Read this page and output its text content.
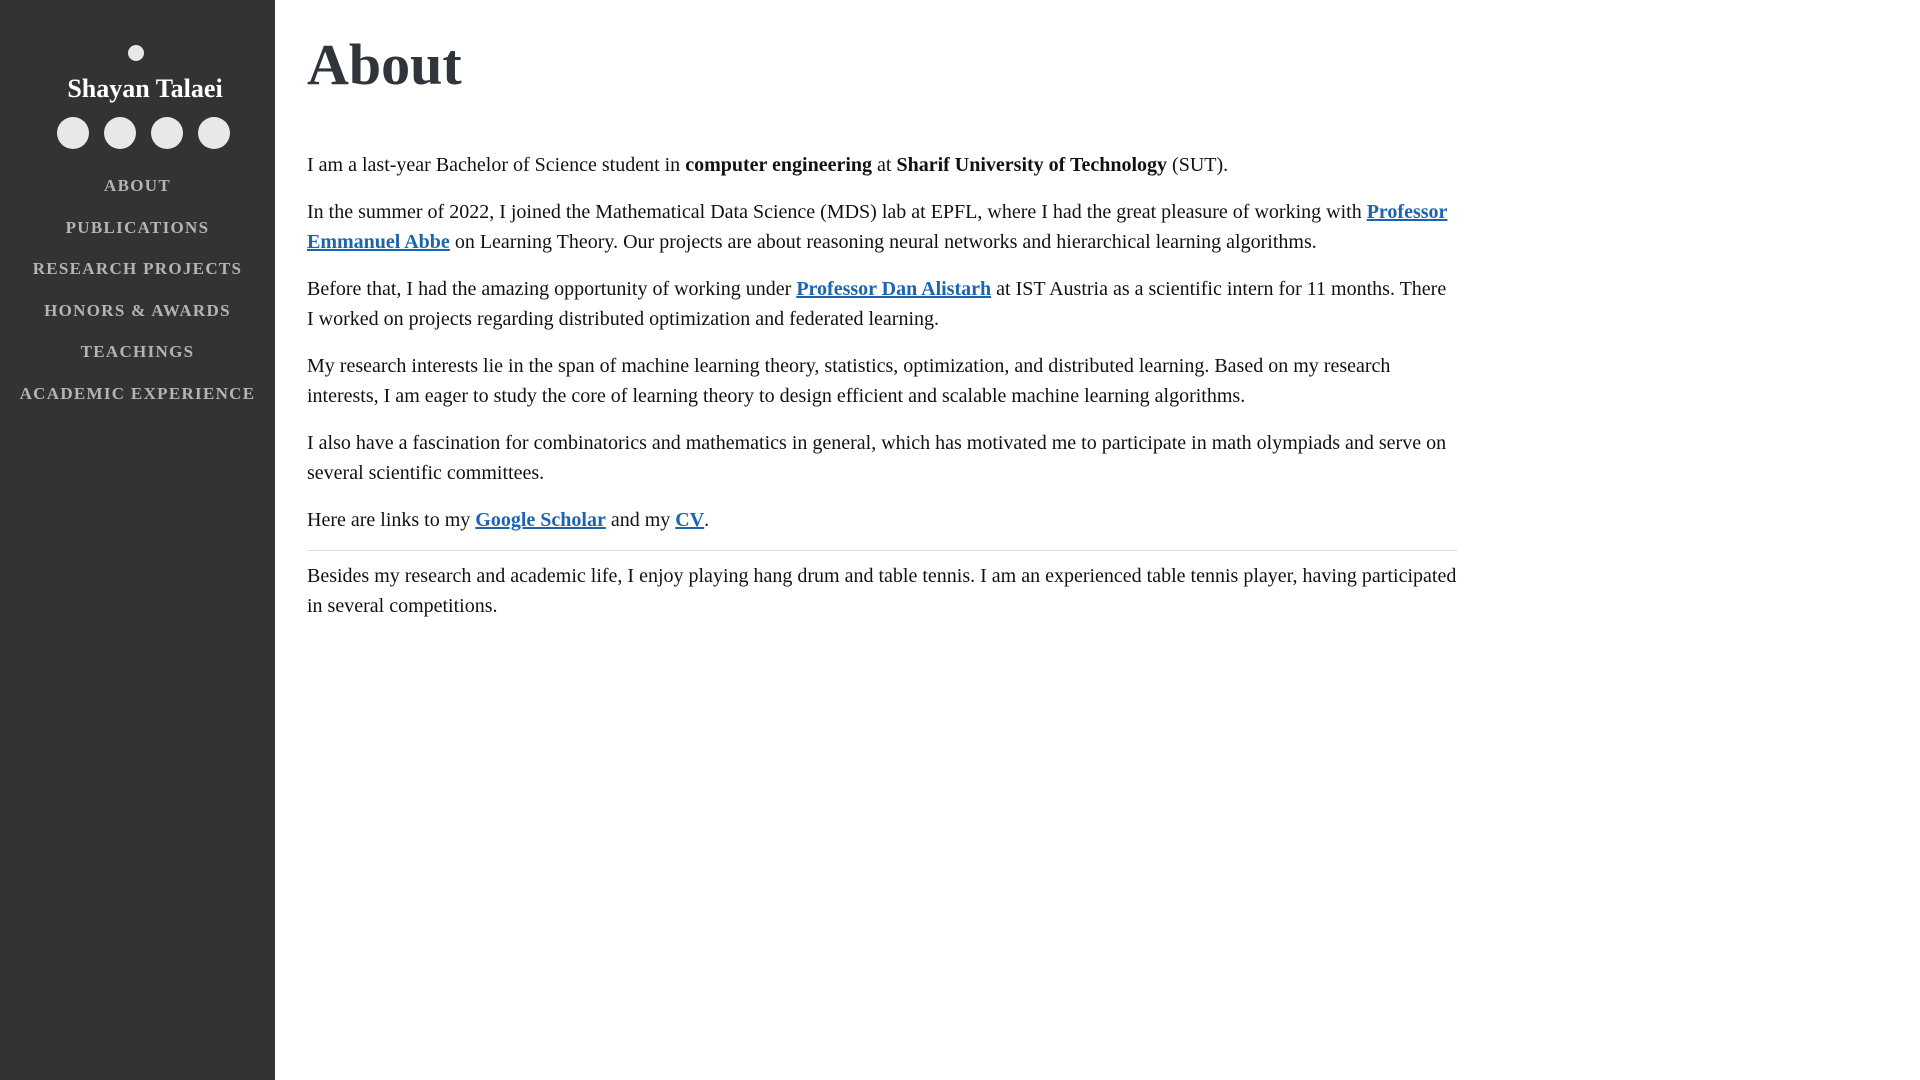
Shayan Talaei
ABOUT
PUBLICATIONS
RESEARCH PROJECTS
HONORS & AWARDS
TEACHINGS
ACADEMIC EXPERIENCE
About

I am a last-year Bachelor of Science student in computer engineering at Sharif University of Technology (SUT).

In the summer of 2022, I joined the Mathematical Data Science (MDS) lab at EPFL, where I had the great pleasure of working with Professor Emmanuel Abbe on Learning Theory. Our projects are about reasoning neural networks and hierarchical learning algorithms.

Before that, I had the amazing opportunity of working under Professor Dan Alistarh at IST Austria as a scientific intern for 11 months. There I worked on projects regarding distributed optimization and federated learning.

My research interests lie in the span of machine learning theory, statistics, optimization, and distributed learning. Based on my research interests, I am eager to study the core of learning theory to design efficient and scalable machine learning algorithms.

I also have a fascination for combinatorics and mathematics in general, which has motivated me to participate in math olympiads and serve on several scientific committees.

Here are links to my Google Scholar and my CV.

Besides my research and academic life, I enjoy playing hang drum and table tennis. I am an experienced table tennis player, having participated in several competitions.
